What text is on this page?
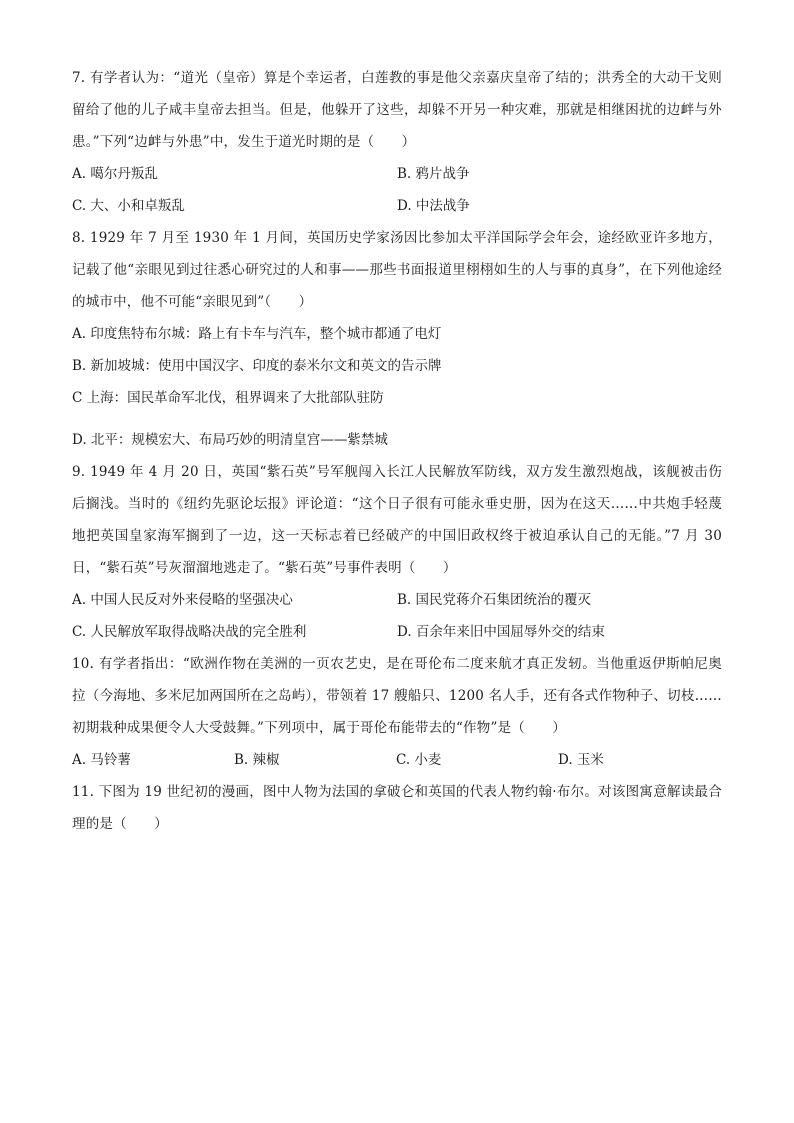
7. 有学者认为：“道光（皇帝）算是个幸运者，白莲教的事是他父亲嘉庆皇帝了结的；洪秀全的大动干戈则留给了他的儿子咸丰皇帝去担当。但是，他躲开了这些，却躲不开另一种灾难，那就是相继困扰的边衅与外患。”下列“边衅与外患”中，发生于道光时期的是（　　）
A. 噶尔丹叛乱	B. 鸦片战争
C. 大、小和卓叛乱	D. 中法战争
8. 1929 年 7 月至 1930 年 1 月间，英国历史学家汤因比参加太平洋国际学会年会，途经欧亚许多地方，记载了他“亲眼见到过往悉心研究过的人和事——那些书面报道里栩栩如生的人与事的真身”，在下列他途经的城市中，他不可能“亲眼见到”（　　）
A. 印度焦特布尔城：路上有卡车与汽车，整个城市都通了电灯
B. 新加坡城：使用中国汉字、印度的泰米尔文和英文的告示牌
C 上海：国民革命军北伐，租界调来了大批部队驻防
D. 北平：规模宏大、布局巧妙的明清皇宫——紫禁城
9. 1949 年 4 月 20 日，英国“紫石英”号军舰闯入长江人民解放军防线，双方发生激烈炮战，该舰被击伤后搁浅。当时的《纽约先驱论坛报》评论道：“这个日子很有可能永垂史册，因为在这天……中共炮手轻蔑地把英国皇家海军搁到了一边，这一天标志着已经破产的中国旧政权终于被迫承认自己的无能。”7 月 30 日，“紫石英”号灰溜溜地逃走了。“紫石英”号事件表明（　　）
A. 中国人民反对外来侵略的坚强决心	B. 国民党蒋介石集团统治的覆灭
C. 人民解放军取得战略决战的完全胜利	D. 百余年来旧中国屈辱外交的结束
10. 有学者指出：“欧洲作物在美洲的一页农艺史，是在哥伦布二度来航才真正发轫。当他重返伊斯帕尼奥拉（今海地、多米尼加两国所在之岛屿），带领着 17 艘船只、1200 名人手，还有各式作物种子、切枝……初期栽种成果便令人大受鼓舞。”下列项中，属于哥伦布能带去的“作物”是（　　）
A. 马铃薯	B. 辣椒	C. 小麦	D. 玉米
11. 下图为 19 世纪初的漫画，图中人物为法国的拿破仑和英国的代表人物约翰·布尔。对该图寓意解读最合理的是（　　）
